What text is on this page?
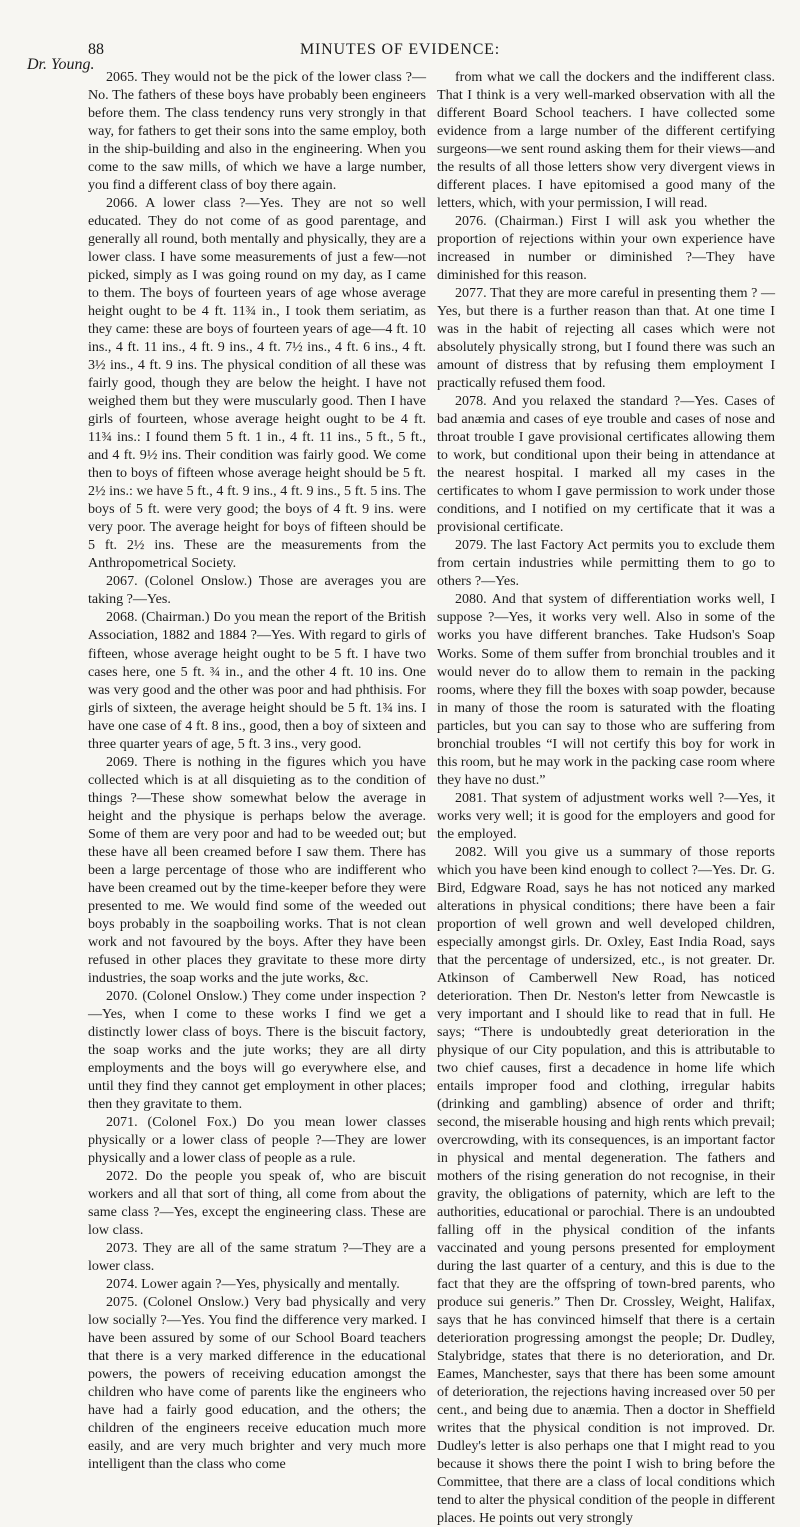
88	MINUTES OF EVIDENCE:
Dr. Young.

2065. They would not be the pick of the lower class ?— No. The fathers of these boys have probably been engineers before them. The class tendency runs very strongly in that way, for fathers to get their sons into the same employ, both in the ship-building and also in the engineering. When you come to the saw mills, of which we have a large number, you find a different class of boy there again.

2066. A lower class ?—Yes. They are not so well educated. They do not come of as good parentage, and generally all round, both mentally and physically, they are a lower class. I have some measurements of just a few—not picked, simply as I was going round on my day, as I came to them. The boys of fourteen years of age whose average height ought to be 4 ft. 11¾ in., I took them seriatim, as they came: these are boys of fourteen years of age—4 ft. 10 ins., 4 ft. 11 ins., 4 ft. 9 ins., 4 ft. 7½ ins., 4 ft. 6 ins., 4 ft. 3½ ins., 4 ft. 9 ins. The physical condition of all these was fairly good, though they are below the height. I have not weighed them but they were muscularly good. Then I have girls of fourteen, whose average height ought to be 4 ft. 11¾ ins.: I found them 5 ft. 1 in., 4 ft. 11 ins., 5 ft., 5 ft., and 4 ft. 9½ ins. Their condition was fairly good. We come then to boys of fifteen whose average height should be 5 ft. 2½ ins.: we have 5 ft., 4 ft. 9 ins., 4 ft. 9 ins., 5 ft. 5 ins. The boys of 5 ft. were very good; the boys of 4 ft. 9 ins. were very poor. The average height for boys of fifteen should be 5 ft. 2½ ins. These are the measurements from the Anthropometrical Society.

2067. (Colonel Onslow.) Those are averages you are taking ?—Yes.

2068. (Chairman.) Do you mean the report of the British Association, 1882 and 1884 ?—Yes. With regard to girls of fifteen, whose average height ought to be 5 ft. I have two cases here, one 5 ft. ¾ in., and the other 4 ft. 10 ins. One was very good and the other was poor and had phthisis. For girls of sixteen, the average height should be 5 ft. 1¾ ins. I have one case of 4 ft. 8 ins., good, then a boy of sixteen and three quarter years of age, 5 ft. 3 ins., very good.

2069. There is nothing in the figures which you have collected which is at all disquieting as to the condition of things ?—These show somewhat below the average in height and the physique is perhaps below the average. Some of them are very poor and had to be weeded out; but these have all been creamed before I saw them. There has been a large percentage of those who are indifferent who have been creamed out by the time-keeper before they were presented to me. We would find some of the weeded out boys probably in the soapboiling works. That is not clean work and not favoured by the boys. After they have been refused in other places they gravitate to these more dirty industries, the soap works and the jute works, &c.

2070. (Colonel Onslow.) They come under inspection ? —Yes, when I come to these works I find we get a distinctly lower class of boys. There is the biscuit factory, the soap works and the jute works; they are all dirty employments and the boys will go everywhere else, and until they find they cannot get employment in other places; then they gravitate to them.

2071. (Colonel Fox.) Do you mean lower classes physically or a lower class of people ?—They are lower physically and a lower class of people as a rule.

2072. Do the people you speak of, who are biscuit workers and all that sort of thing, all come from about the same class ?—Yes, except the engineering class. These are low class.

2073. They are all of the same stratum ?—They are a lower class.

2074. Lower again ?—Yes, physically and mentally.

2075. (Colonel Onslow.) Very bad physically and very low socially ?—Yes. You find the difference very marked. I have been assured by some of our School Board teachers that there is a very marked difference in the educational powers, the powers of receiving education amongst the children who have come of parents like the engineers who have had a fairly good education, and the others; the children of the engineers receive education much more easily, and are very much brighter and very much more intelligent than the class who come

from what we call the dockers and the indifferent class. That I think is a very well-marked observation with all the different Board School teachers. I have collected some evidence from a large number of the different certifying surgeons—we sent round asking them for their views—and the results of all those letters show very divergent views in different places. I have epitomised a good many of the letters, which, with your permission, I will read.

2076. (Chairman.) First I will ask you whether the proportion of rejections within your own experience have increased in number or diminished ?—They have diminished for this reason.

2077. That they are more careful in presenting them ? —Yes, but there is a further reason than that. At one time I was in the habit of rejecting all cases which were not absolutely physically strong, but I found there was such an amount of distress that by refusing them employment I practically refused them food.

2078. And you relaxed the standard ?—Yes. Cases of bad anæmia and cases of eye trouble and cases of nose and throat trouble I gave provisional certificates allowing them to work, but conditional upon their being in attendance at the nearest hospital. I marked all my cases in the certificates to whom I gave permission to work under those conditions, and I notified on my certificate that it was a provisional certificate.

2079. The last Factory Act permits you to exclude them from certain industries while permitting them to go to others ?—Yes.

2080. And that system of differentiation works well, I suppose ?—Yes, it works very well. Also in some of the works you have different branches. Take Hudson's Soap Works. Some of them suffer from bronchial troubles and it would never do to allow them to remain in the packing rooms, where they fill the boxes with soap powder, because in many of those the room is saturated with the floating particles, but you can say to those who are suffering from bronchial troubles “I will not certify this boy for work in this room, but he may work in the packing case room where they have no dust.”

2081. That system of adjustment works well ?—Yes, it works very well; it is good for the employers and good for the employed.

2082. Will you give us a summary of those reports which you have been kind enough to collect ?—Yes. Dr. G. Bird, Edgware Road, says he has not noticed any marked alterations in physical conditions; there have been a fair proportion of well grown and well developed children, especially amongst girls. Dr. Oxley, East India Road, says that the percentage of undersized, etc., is not greater. Dr. Atkinson of Camberwell New Road, has noticed deterioration. Then Dr. Neston's letter from Newcastle is very important and I should like to read that in full. He says; “There is undoubtedly great deterioration in the physique of our City population, and this is attributable to two chief causes, first a decadence in home life which entails improper food and clothing, irregular habits (drinking and gambling) absence of order and thrift; second, the miserable housing and high rents which prevail; overcrowding, with its consequences, is an important factor in physical and mental degeneration. The fathers and mothers of the rising generation do not recognise, in their gravity, the obligations of paternity, which are left to the authorities, educational or parochial. There is an undoubted falling off in the physical condition of the infants vaccinated and young persons presented for employment during the last quarter of a century, and this is due to the fact that they are the offspring of town-bred parents, who produce sui generis.” Then Dr. Crossley, Weight, Halifax, says that he has convinced himself that there is a certain deterioration progressing amongst the people; Dr. Dudley, Stalybridge, states that there is no deterioration, and Dr. Eames, Manchester, says that there has been some amount of deterioration, the rejections having increased over 50 per cent., and being due to anæmia. Then a doctor in Sheffield writes that the physical condition is not improved. Dr. Dudley's letter is also perhaps one that I might read to you because it shows there the point I wish to bring before the Committee, that there are a class of local conditions which tend to alter the physical condition of the people in different places. He points out very strongly
